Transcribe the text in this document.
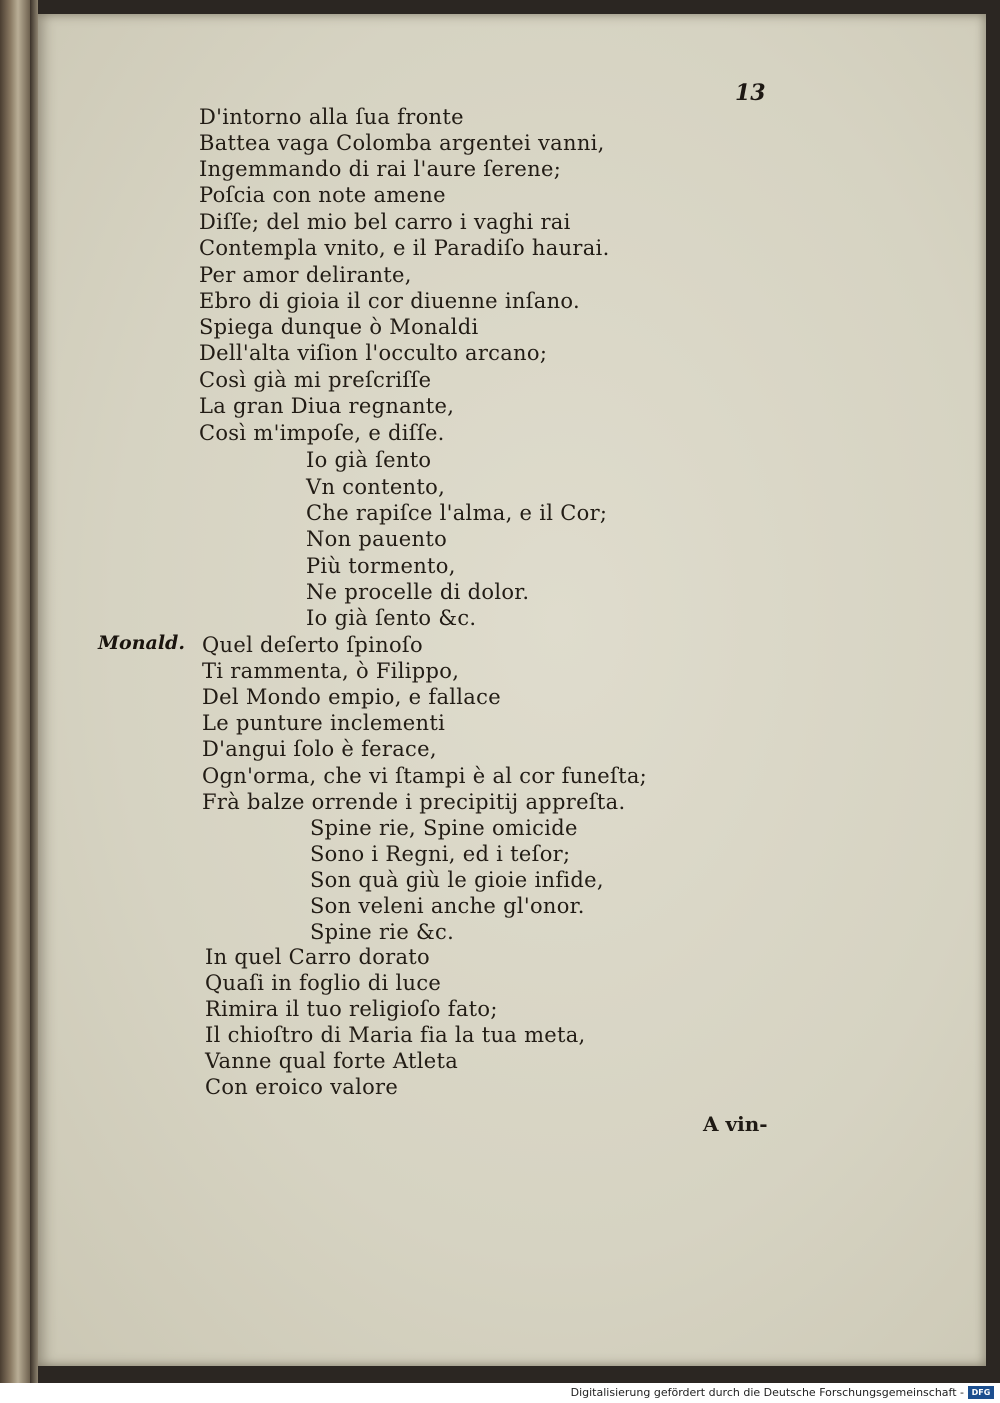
13
Monald.
D'intorno alla ſua fronte
Battea vaga Colomba argentei vanni,
Ingemmando di rai l'aure ſerene;
Poſcia con note amene
Diſſe; del mio bel carro i vaghi rai
Contempla vnito, e il Paradiſo haurai.
Per amor delirante,
Ebro di gioia il cor diuenne inſano.
Spiega dunque ò Monaldi
Dell'alta viſion l'occulto arcano;
Così già mi preſcriſſe
La gran Diua regnante,
Così m'impoſe, e diſſe.
Io già ſento
Vn contento,
Che rapiſce l'alma, e il Cor;
Non pauento
Più tormento,
Ne procelle di dolor.
Io già ſento &c.
Quel deſerto ſpinoſo
Ti rammenta, ò Filippo,
Del Mondo empio, e fallace
Le punture inclementi
D'angui ſolo è ferace,
Ogn'orma, che vi ſtampi è al cor funeſta;
Frà balze orrende i precipitij appreſta.
Spine rie, Spine omicide
Sono i Regni, ed i teſor;
Son quà giù le gioie infide,
Son veleni anche gl'onor.
Spine rie &c.
In quel Carro dorato
Quaſi in foglio di luce
Rimira il tuo religioſo fato;
Il chioſtro di Maria fia la tua meta,
Vanne qual forte Atleta
Con eroico valore
A vin-
Digitalisierung gefördert durch die Deutsche Forschungsgemeinschaft - DFG
